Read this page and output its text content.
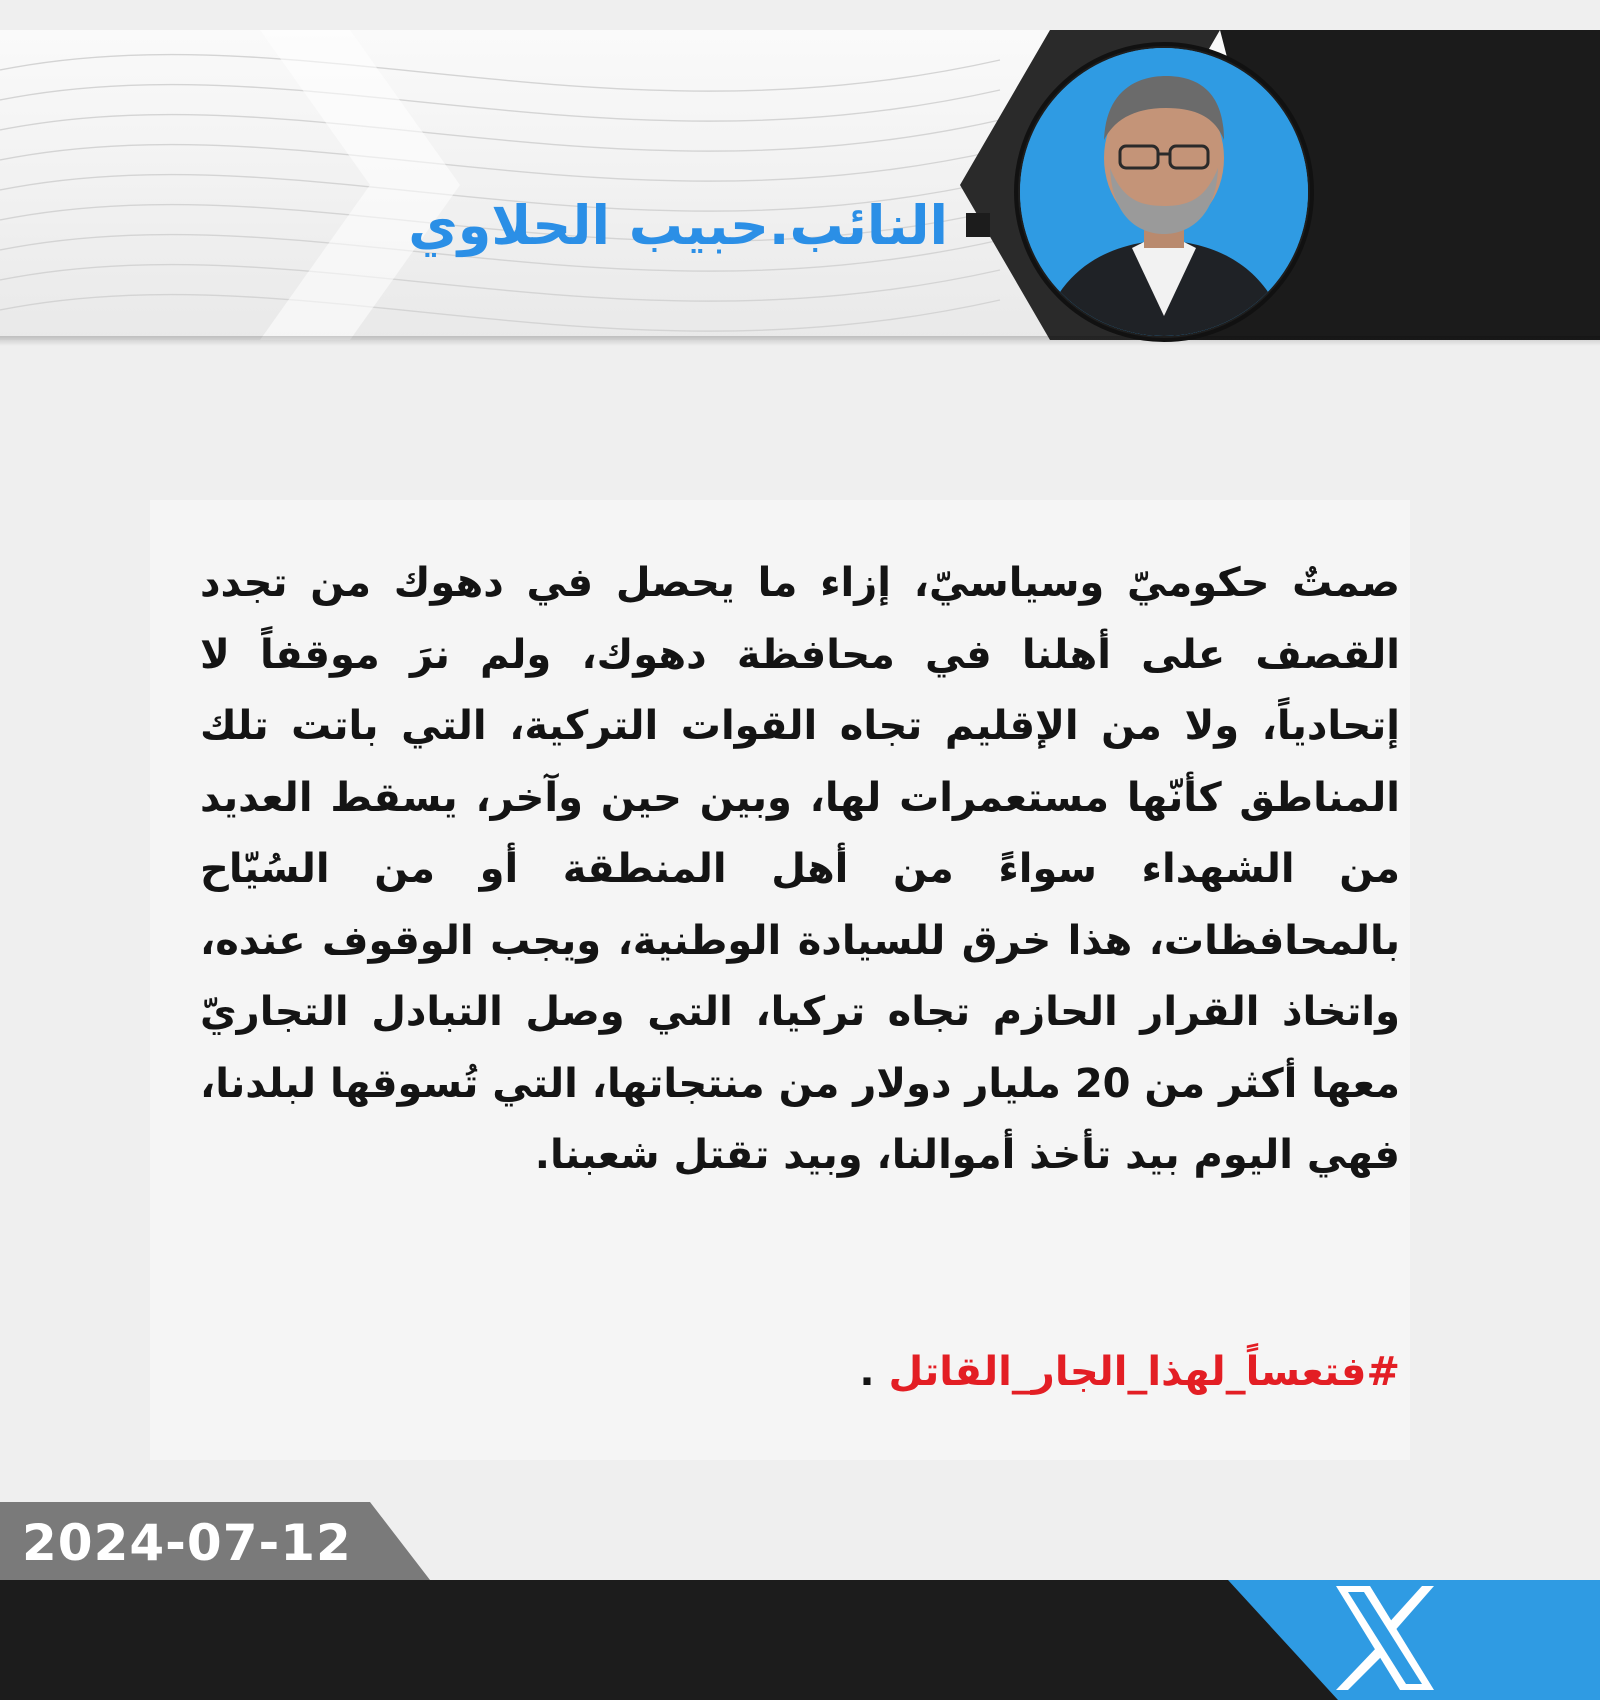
النائب.حبيب الحلاوي
صمتٌ حكوميّ وسياسيّ، إزاء ما يحصل في دهوك من تجدد القصف على أهلنا في محافظة دهوك، ولم نرَ موقفاً لا إتحادياً، ولا من الإقليم تجاه القوات التركية، التي باتت تلك المناطق كأنّها مستعمرات لها، وبين حين وآخر، يسقط العديد من الشهداء سواءً من أهل المنطقة أو من السُيّاح بالمحافظات، هذا خرق للسيادة الوطنية، ويجب الوقوف عنده، واتخاذ القرار الحازم تجاه تركيا، التي وصل التبادل التجاريّ معها أكثر من 20 مليار دولار من منتجاتها، التي تُسوقها لبلدنا، فهي اليوم بيد تأخذ أموالنا، وبيد تقتل شعبنا.
#فتعساً_لهذا_الجار_القاتل .
2024-07-12
